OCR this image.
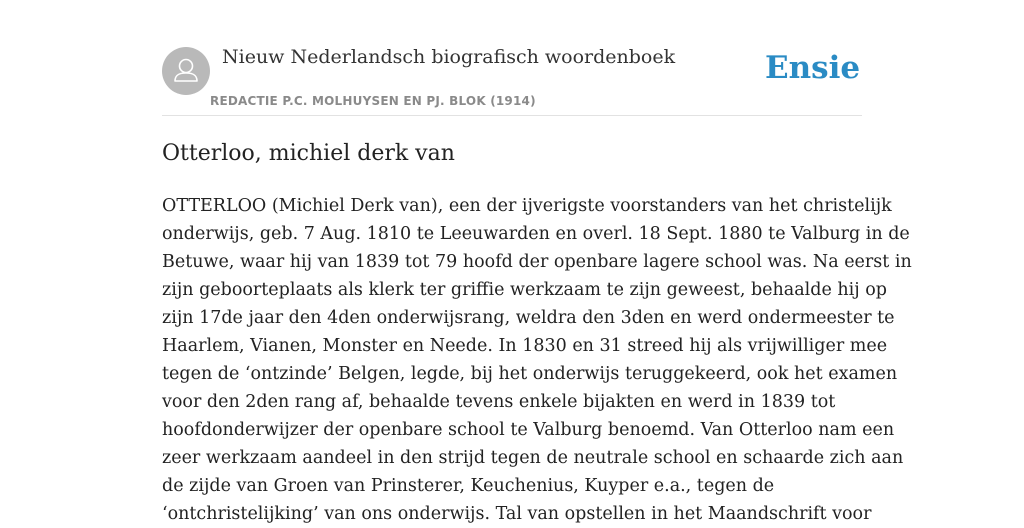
Nieuw Nederlandsch biografisch woordenboek
REDACTIE P.C. MOLHUYSEN EN PJ. BLOK (1914)
Ensie
Otterloo, michiel derk van
OTTERLOO (Michiel Derk van), een der ijverigste voorstanders van het christelijk
onderwijs, geb. 7 Aug. 1810 te Leeuwarden en overl. 18 Sept. 1880 te Valburg in de
Betuwe, waar hij van 1839 tot 79 hoofd der openbare lagere school was. Na eerst in
zijn geboorteplaats als klerk ter griffie werkzaam te zijn geweest, behaalde hij op
zijn 17de jaar den 4den onderwijsrang, weldra den 3den en werd ondermeester te
Haarlem, Vianen, Monster en Neede. In 1830 en 31 streed hij als vrijwilliger mee
tegen de ‘ontzinde’ Belgen, legde, bij het onderwijs teruggekeerd, ook het examen
voor den 2den rang af, behaalde tevens enkele bijakten en werd in 1839 tot
hoofdonderwijzer der openbare school te Valburg benoemd. Van Otterloo nam een
zeer werkzaam aandeel in den strijd tegen de neutrale school en schaarde zich aan
de zijde van Groen van Prinsterer, Keuchenius, Kuyper e.a., tegen de
‘ontchristelijking’ van ons onderwijs. Tal van opstellen in het Maandschrift voor
